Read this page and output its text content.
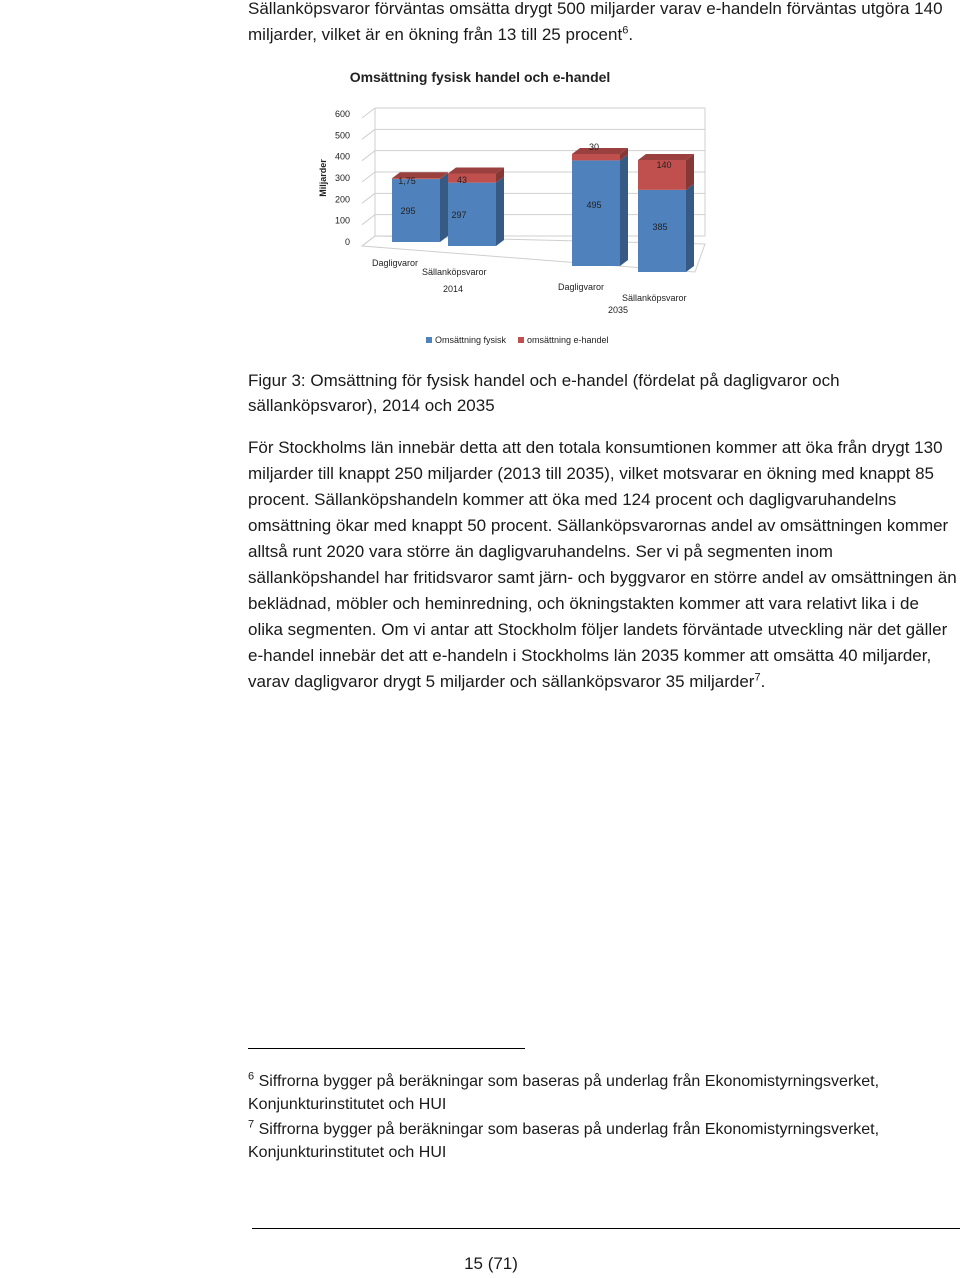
Sällanköpsvaror förväntas omsätta drygt 500 miljarder varav e-handeln förväntas utgöra 140 miljarder, vilket är en ökning från 13 till 25 procent$^6$.
Omsättning fysisk handel och e-handel
Miljarder
600
500
400
300
200
100
0
295	297
495
385
1,75	43
30
140
Dagligvaror
Sällanköpsvaror
Dagligvaror
Sällanköpsvaror
2014
2035
Omsättning fysisk omsättning e-handel
Figur 3: Omsättning för fysisk handel och e-handel (fördelat på dagligvaror och
sällanköpsvaror), 2014 och 2035
För Stockholms län innebär detta att den totala konsumtionen kommer att öka från drygt 130 miljarder till knappt 250 miljarder (2013 till 2035), vilket motsvarar en ökning med knappt 85 procent. Sällanköpshandeln kommer att öka med 124 procent och dagligvaruhandelns omsättning ökar med knappt 50 procent. Sällanköpsvarornas andel av omsättningen kommer alltså runt 2020 vara större än dagligvaruhandelns. Ser vi på segmenten inom sällanköpshandel har fritidsvaror samt järn- och byggvaror en större andel av omsättningen än beklädnad, möbler och heminredning, och ökningstakten kommer att vara relativt lika i de olika segmenten. Om vi antar att Stockholm följer landets förväntade utveckling när det gäller e-handel innebär det att e-handeln i Stockholms län 2035 kommer att omsätta 40 miljarder, varav dagligvaror drygt 5 miljarder och sällanköpsvaror 35 miljarder$^7$.
$^6$ Siffrorna bygger på beräkningar som baseras på underlag från Ekonomistyrningsverket,
Konjunkturinstitutet och HUI
$^7$ Siffrorna bygger på beräkningar som baseras på underlag från Ekonomistyrningsverket,
Konjunkturinstitutet och HUI
15 (71)
